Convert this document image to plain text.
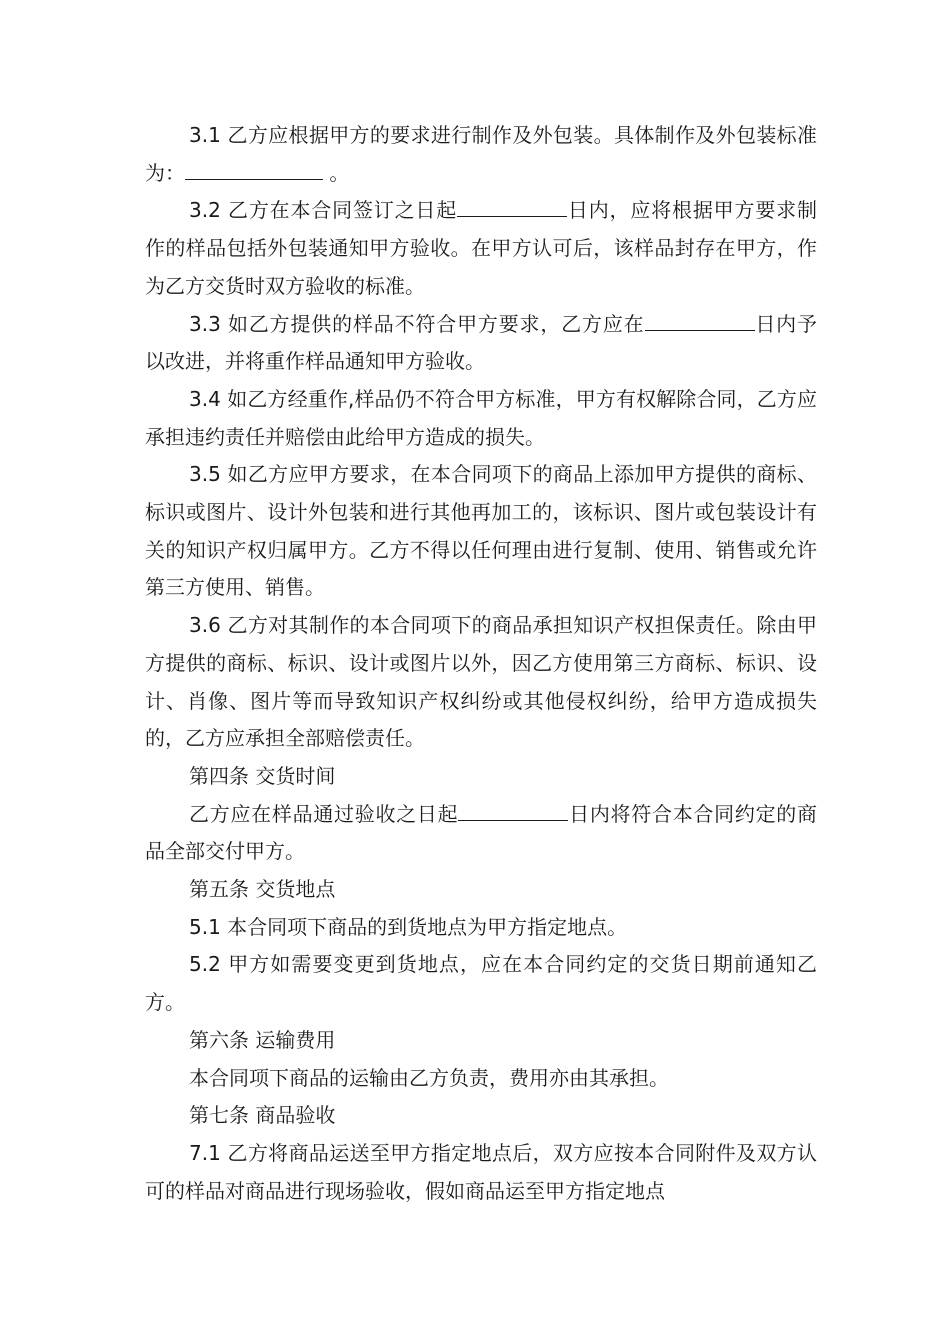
3.1 乙方应根据甲方的要求进行制作及外包装。具体制作及外包装标准为：	。

3.2 乙方在本合同签订之日起	日内，应将根据甲方要求制作的样品包括外包装通知甲方验收。在甲方认可后，该样品封存在甲方，作为乙方交货时双方验收的标准。

3.3 如乙方提供的样品不符合甲方要求，乙方应在	日内予以改进，并将重作样品通知甲方验收。

3.4 如乙方经重作,样品仍不符合甲方标准，甲方有权解除合同，乙方应承担违约责任并赔偿由此给甲方造成的损失。

3.5 如乙方应甲方要求，在本合同项下的商品上添加甲方提供的商标、标识或图片、设计外包装和进行其他再加工的，该标识、图片或包装设计有关的知识产权归属甲方。乙方不得以任何理由进行复制、使用、销售或允许第三方使用、销售。

3.6 乙方对其制作的本合同项下的商品承担知识产权担保责任。除由甲方提供的商标、标识、设计或图片以外，因乙方使用第三方商标、标识、设计、肖像、图片等而导致知识产权纠纷或其他侵权纠纷，给甲方造成损失的，乙方应承担全部赔偿责任。

第四条 交货时间

乙方应在样品通过验收之日起	日内将符合本合同约定的商品全部交付甲方。

第五条 交货地点

5.1 本合同项下商品的到货地点为甲方指定地点。

5.2 甲方如需要变更到货地点，应在本合同约定的交货日期前通知乙方。

第六条 运输费用

本合同项下商品的运输由乙方负责，费用亦由其承担。

第七条 商品验收

7.1 乙方将商品运送至甲方指定地点后，双方应按本合同附件及双方认可的样品对商品进行现场验收，假如商品运至甲方指定地点
